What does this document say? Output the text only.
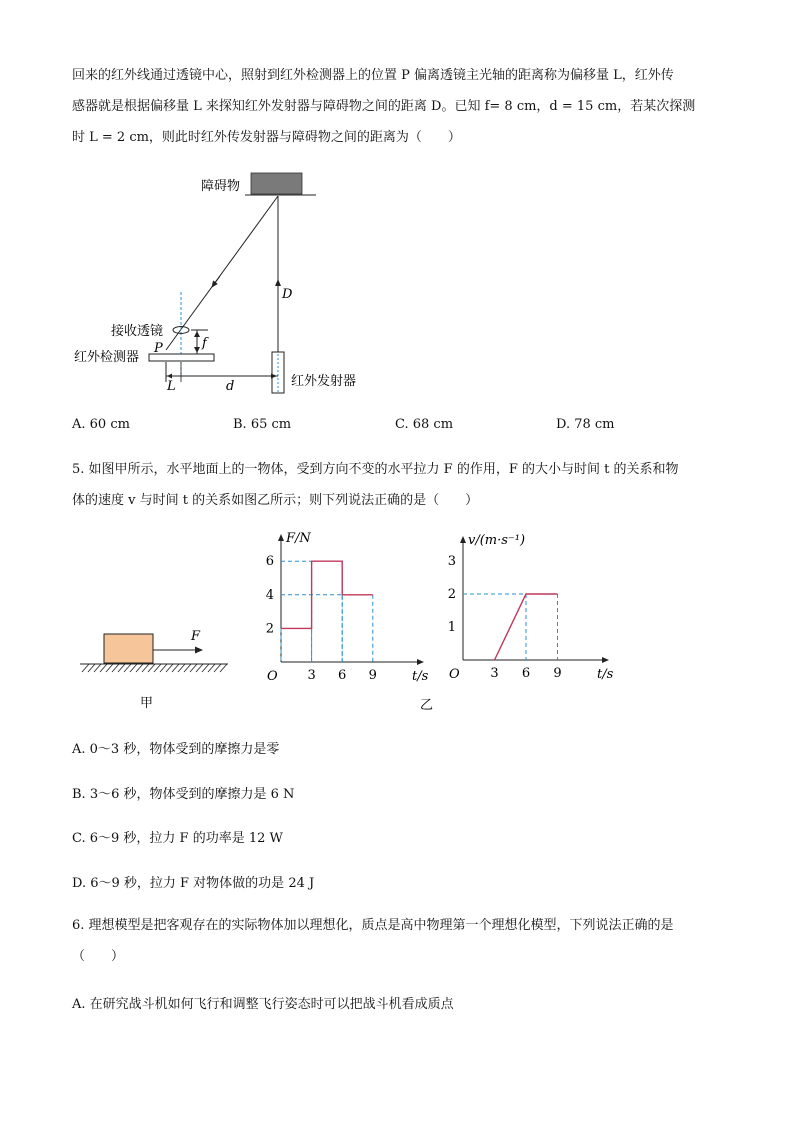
回来的红外线通过透镜中心，照射到红外检测器上的位置 P 偏离透镜主光轴的距离称为偏移量 L，红外传
感器就是根据偏移量 L 来探知红外发射器与障碍物之间的距离 D。已知 f= 8 cm，d = 15 cm，若某次探测
时 L = 2 cm，则此时红外传发射器与障碍物之间的距离为（　　）
障碍物
D
接收透镜
f
红外检测器
P
红外发射器
L	d
A. 60 cm	B. 65 cm	C. 68 cm	D. 78 cm
5. 如图甲所示，水平地面上的一物体，受到方向不变的水平拉力 F 的作用，F 的大小与时间 t 的关系和物
体的速度 v 与时间 t 的关系如图乙所示；则下列说法正确的是（　　）
F
甲	乙
F/N
t/s
O 3 6 9
2
4
6
v/(m·s⁻¹)
t/s
O 3 6 9
1
2
3
A. 0～3 秒，物体受到的摩擦力是零
B. 3～6 秒，物体受到的摩擦力是 6 N
C. 6～9 秒，拉力 F 的功率是 12 W
D. 6～9 秒，拉力 F 对物体做的功是 24 J
6. 理想模型是把客观存在的实际物体加以理想化，质点是高中物理第一个理想化模型，下列说法正确的是
（　　）
A. 在研究战斗机如何飞行和调整飞行姿态时可以把战斗机看成质点
